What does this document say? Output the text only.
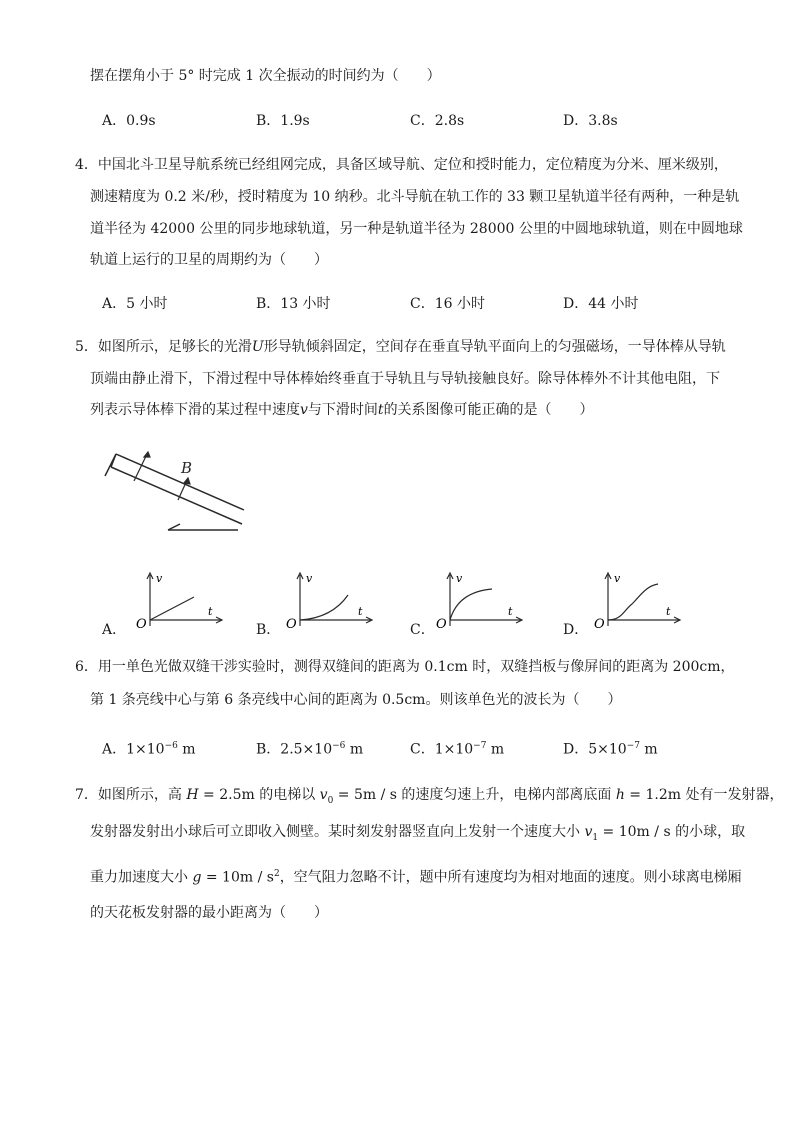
摆在摆角小于 5° 时完成 1 次全振动的时间约为（　　）
A．0.9s	B．1.9s	C．2.8s	D．3.8s
4．中国北斗卫星导航系统已经组网完成，具备区域导航、定位和授时能力，定位精度为分米、厘米级别，
测速精度为 0.2 米/秒，授时精度为 10 纳秒。北斗导航在轨工作的 33 颗卫星轨道半径有两种，一种是轨
道半径为 42000 公里的同步地球轨道，另一种是轨道半径为 28000 公里的中圆地球轨道，则在中圆地球
轨道上运行的卫星的周期约为（　　）
A．5 小时	B．13 小时	C．16 小时	D．44 小时
5．如图所示，足够长的光滑U形导轨倾斜固定，空间存在垂直导轨平面向上的匀强磁场，一导体棒从导轨
顶端由静止滑下，下滑过程中导体棒始终垂直于导轨且与导轨接触良好。除导体棒外不计其他电阻，下
列表示导体棒下滑的某过程中速度v与下滑时间t的关系图像可能正确的是（　　）
B
A．
v
t
O	B．
v
t
O	C．
v
t
O	D．
v
t
O
6．用一单色光做双缝干涉实验时，测得双缝间的距离为 0.1cm 时，双缝挡板与像屏间的距离为 200cm，
第 1 条亮线中心与第 6 条亮线中心间的距离为 0.5cm。则该单色光的波长为（　　）
A．$1\times 10^{-6}$ m	B．$2.5\times 10^{-6}$ m	C．$1\times 10^{-7}$ m	D．$5\times 10^{-7}$ m
7．如图所示，高 H = 2.5m 的电梯以 $v_0 = 5m / s$ 的速度匀速上升，电梯内部离底面 h = 1.2m 处有一发射器，
发射器发射出小球后可立即收入侧壁。某时刻发射器竖直向上发射一个速度大小 $v_1 = 10m / s$ 的小球，取
重力加速度大小 $g = 10m / s^2$，空气阻力忽略不计，题中所有速度均为相对地面的速度。则小球离电梯厢
的天花板发射器的最小距离为（　　）
